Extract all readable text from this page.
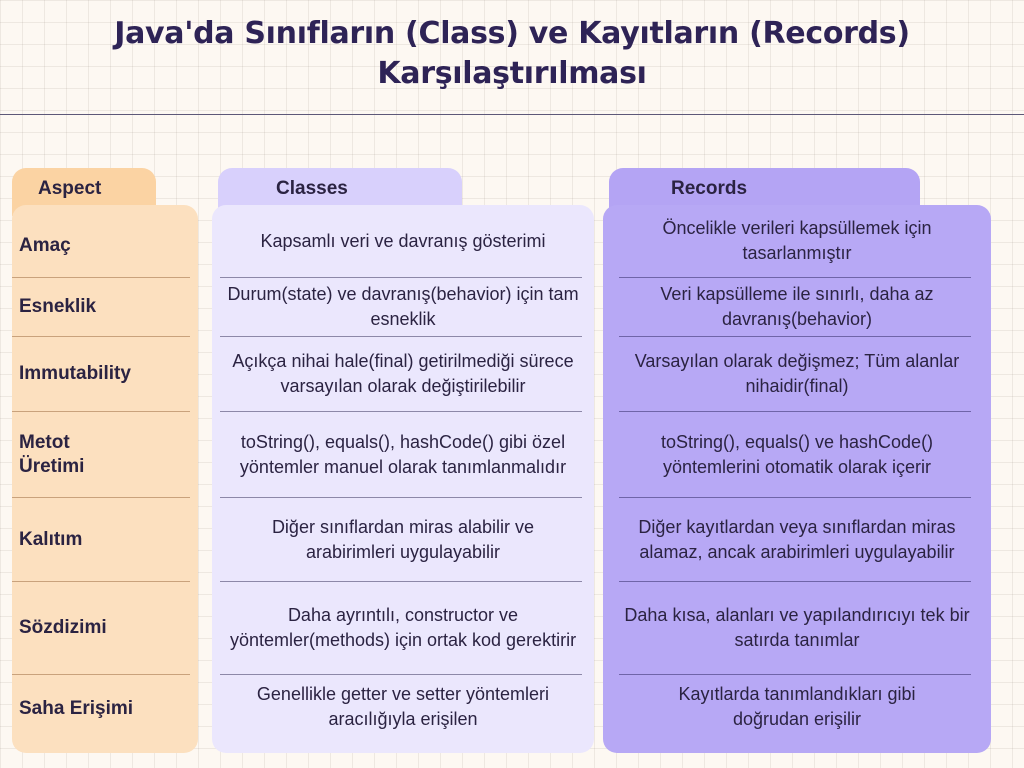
Java'da Sınıfların (Class) ve Kayıtların (Records)
Karşılaştırılması
Aspect	Classes	Records
Amaç
Esneklik
Immutability
Metot Üretimi
Kalıtım
Sözdizimi
Saha Erişimi
Kapsamlı veri ve davranış gösterimi
Durum(state) ve davranış(behavior) için tam esneklik
Açıkça nihai hale(final) getirilmediği sürece varsayılan olarak değiştirilebilir
toString(), equals(), hashCode() gibi özel yöntemler manuel olarak tanımlanmalıdır
Diğer sınıflardan miras alabilir ve arabirimleri uygulayabilir
Daha ayrıntılı, constructor ve yöntemler(methods) için ortak kod gerektirir
Genellikle getter ve setter yöntemleri aracılığıyla erişilen
Öncelikle verileri kapsüllemek için tasarlanmıştır
Veri kapsülleme ile sınırlı, daha az davranış(behavior)
Varsayılan olarak değişmez; Tüm alanlar nihaidir(final)
toString(), equals() ve hashCode() yöntemlerini otomatik olarak içerir
Diğer kayıtlardan veya sınıflardan miras alamaz, ancak arabirimleri uygulayabilir
Daha kısa, alanları ve yapılandırıcıyı tek bir satırda tanımlar
Kayıtlarda tanımlandıkları gibi doğrudan erişilir
